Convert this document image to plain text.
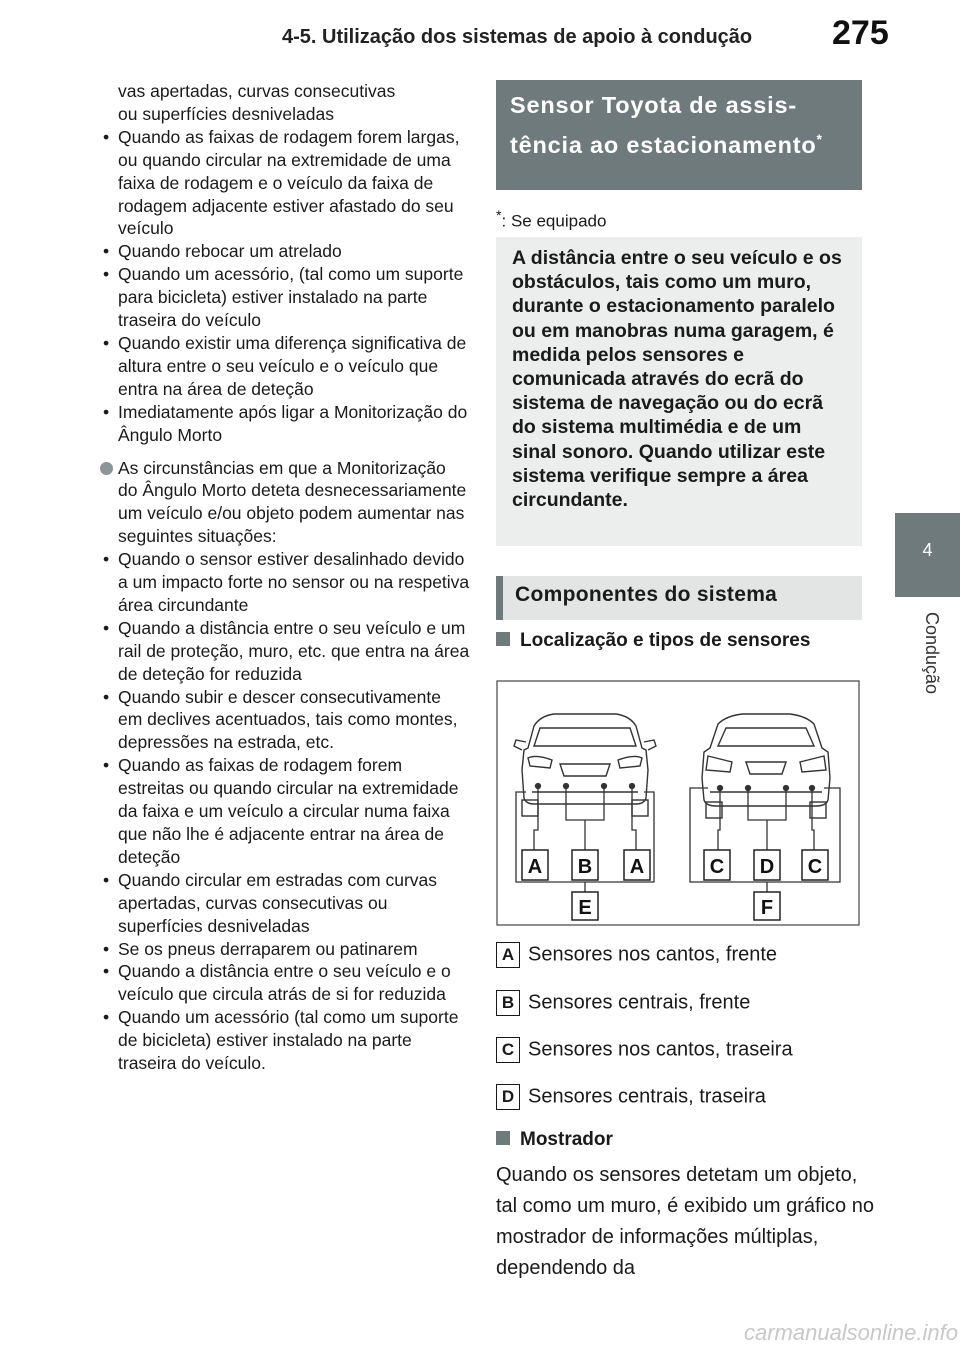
4-5. Utilização dos sistemas de apoio à condução	275
4
Condução

vas apertadas, curvas consecutivas
ou superfícies desniveladas

• Quando as faixas de rodagem forem largas, ou quando circular na extremidade de uma faixa de rodagem e o veículo da faixa de rodagem adjacente estiver afastado do seu veículo
• Quando rebocar um atrelado
• Quando um acessório, (tal como um suporte para bicicleta) estiver instalado na parte traseira do veículo
• Quando existir uma diferença significativa de altura entre o seu veículo e o veículo que entra na área de deteção
• Imediatamente após ligar a Monitorização do Ângulo Morto
As circunstâncias em que a Monitorização do Ângulo Morto deteta desnecessariamente um veículo e/ou objeto podem aumentar nas seguintes situações:
• Quando o sensor estiver desalinhado devido a um impacto forte no sensor ou na respetiva área circundante
• Quando a distância entre o seu veículo e um rail de proteção, muro, etc. que entra na área de deteção for reduzida
• Quando subir e descer consecutivamente em declives acentuados, tais como montes, depressões na estrada, etc.
• Quando as faixas de rodagem forem estreitas ou quando circular na extremidade da faixa e um veículo a circular numa faixa que não lhe é adjacente entrar na área de deteção
• Quando circular em estradas com curvas apertadas, curvas consecutivas ou superfícies desniveladas
• Se os pneus derraparem ou patinarem
• Quando a distância entre o seu veículo e o veículo que circula atrás de si for reduzida
• Quando um acessório (tal como um suporte de bicicleta) estiver instalado na parte traseira do veículo.
Sensor Toyota de assistência ao estacionamento*
*: Se equipado
A distância entre o seu veículo e os obstáculos, tais como um muro, durante o estacionamento paralelo ou em manobras numa garagem, é medida pelos sensores e comunicada através do ecrã do sistema de navegação ou do ecrã do sistema multimédia e de um sinal sonoro. Quando utilizar este sistema verifique sempre a área circundante.
Componentes do sistema
Localização e tipos de sensores
A B A	C D C
E	F
A Sensores nos cantos, frente
B Sensores centrais, frente
C Sensores nos cantos, traseira
D Sensores centrais, traseira
Mostrador
Quando os sensores detetam um objeto, tal como um muro, é exibido um gráfico no mostrador de informações múltiplas, dependendo da
carmanualsonline.info
